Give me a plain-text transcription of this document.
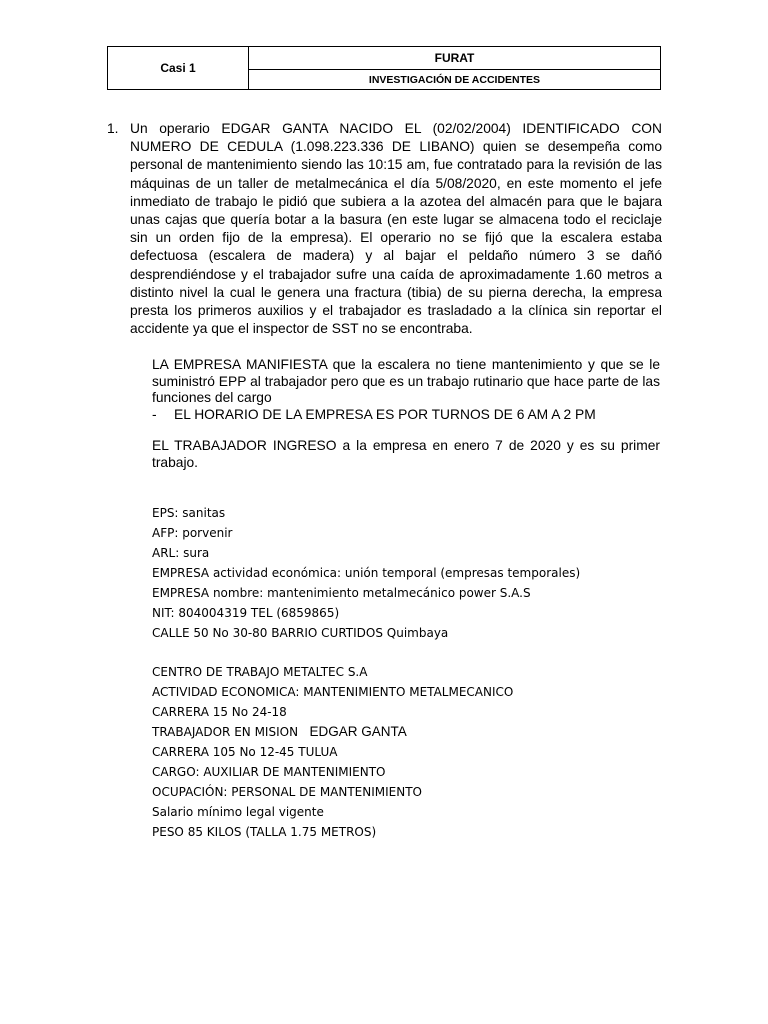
Casi 1	FURAT
INVESTIGACIÓN DE ACCIDENTES
1. Un operario EDGAR GANTA NACIDO EL (02/02/2004) IDENTIFICADO CON NUMERO DE CEDULA (1.098.223.336 DE LIBANO) quien se desempeña como personal de mantenimiento siendo las 10:15 am, fue contratado para la revisión de las máquinas de un taller de metalmecánica el día 5/08/2020, en este momento el jefe inmediato de trabajo le pidió que subiera a la azotea del almacén para que le bajara unas cajas que quería botar a la basura (en este lugar se almacena todo el reciclaje sin un orden fijo de la empresa). El operario no se fijó que la escalera estaba defectuosa (escalera de madera) y al bajar el peldaño número 3 se dañó desprendiéndose y el trabajador sufre una caída de aproximadamente 1.60 metros a distinto nivel la cual le genera una fractura (tibia) de su pierna derecha, la empresa presta los primeros auxilios y el trabajador es trasladado a la clínica sin reportar el accidente ya que el inspector de SST no se encontraba.
LA EMPRESA MANIFIESTA que la escalera no tiene mantenimiento y que se le suministró EPP al trabajador pero que es un trabajo rutinario que hace parte de las funciones del cargo
- EL HORARIO DE LA EMPRESA ES POR TURNOS DE 6 AM A 2 PM
EL TRABAJADOR INGRESO a la empresa en enero 7 de 2020 y es su primer trabajo.
EPS: sanitas
AFP: porvenir
ARL: sura
EMPRESA actividad económica: unión temporal (empresas temporales)
EMPRESA nombre: mantenimiento metalmecánico power S.A.S
NIT: 804004319 TEL (6859865)
CALLE 50 No 30-80 BARRIO CURTIDOS Quimbaya
CENTRO DE TRABAJO METALTEC S.A
ACTIVIDAD ECONOMICA: MANTENIMIENTO METALMECANICO
CARRERA 15 No 24-18
TRABAJADOR EN MISION EDGAR GANTA
CARRERA 105 No 12-45 TULUA
CARGO: AUXILIAR DE MANTENIMIENTO
OCUPACIÓN: PERSONAL DE MANTENIMIENTO
Salario mínimo legal vigente
PESO 85 KILOS (TALLA 1.75 METROS)
